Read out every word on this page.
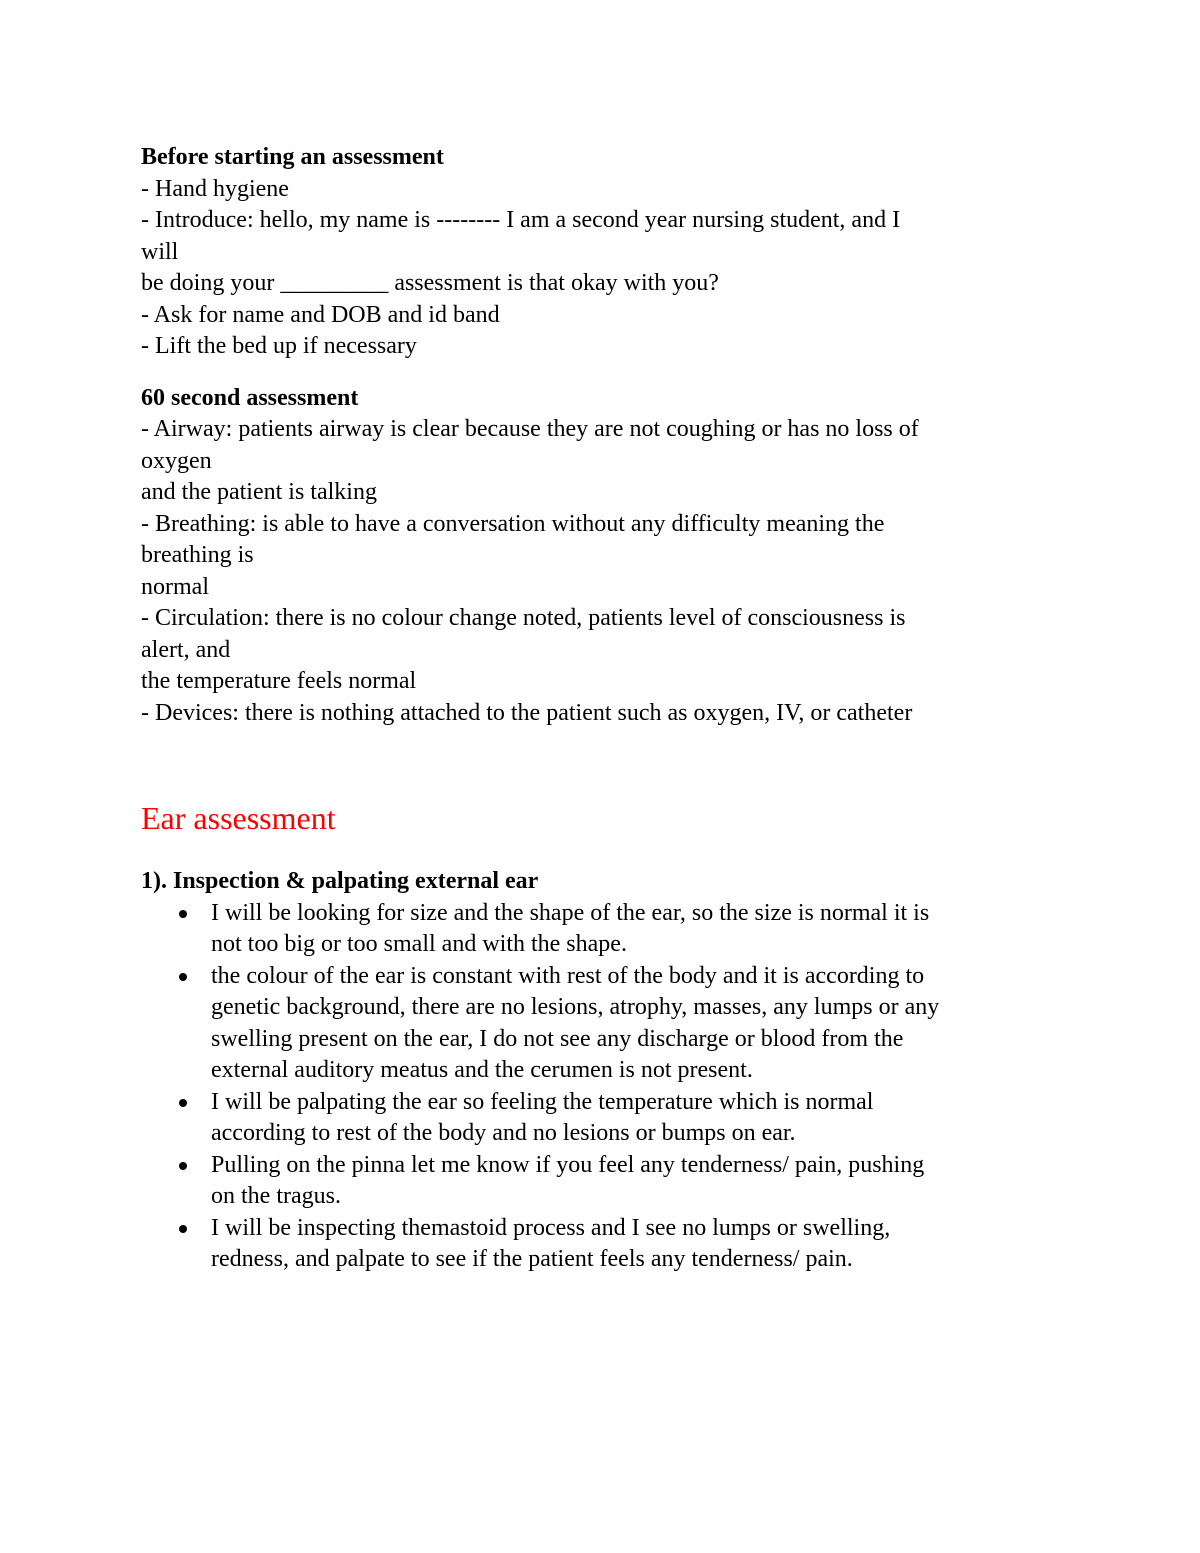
Before starting an assessment
- Hand hygiene
- Introduce: hello, my name is -------- I am a second year nursing student, and I
will
be doing your _________ assessment is that okay with you?
- Ask for name and DOB and id band
- Lift the bed up if necessary
60 second assessment
- Airway: patients airway is clear because they are not coughing or has no loss of
oxygen
and the patient is talking
- Breathing: is able to have a conversation without any difficulty meaning the
breathing is
normal
- Circulation: there is no colour change noted, patients level of consciousness is
alert, and
the temperature feels normal
- Devices: there is nothing attached to the patient such as oxygen, IV, or catheter
Ear assessment
1). Inspection & palpating external ear
I will be looking for size and the shape of the ear, so the size is normal it is
not too big or too small and with the shape.
the colour of the ear is constant with rest of the body and it is according to
genetic background, there are no lesions, atrophy, masses, any lumps or any
swelling present on the ear, I do not see any discharge or blood from the
external auditory meatus and the cerumen is not present.
I will be palpating the ear so feeling the temperature which is normal
according to rest of the body and no lesions or bumps on ear.
Pulling on the pinna let me know if you feel any tenderness/ pain, pushing
on the tragus.
I will be inspecting themastoid process and I see no lumps or swelling,
redness, and palpate to see if the patient feels any tenderness/ pain.
